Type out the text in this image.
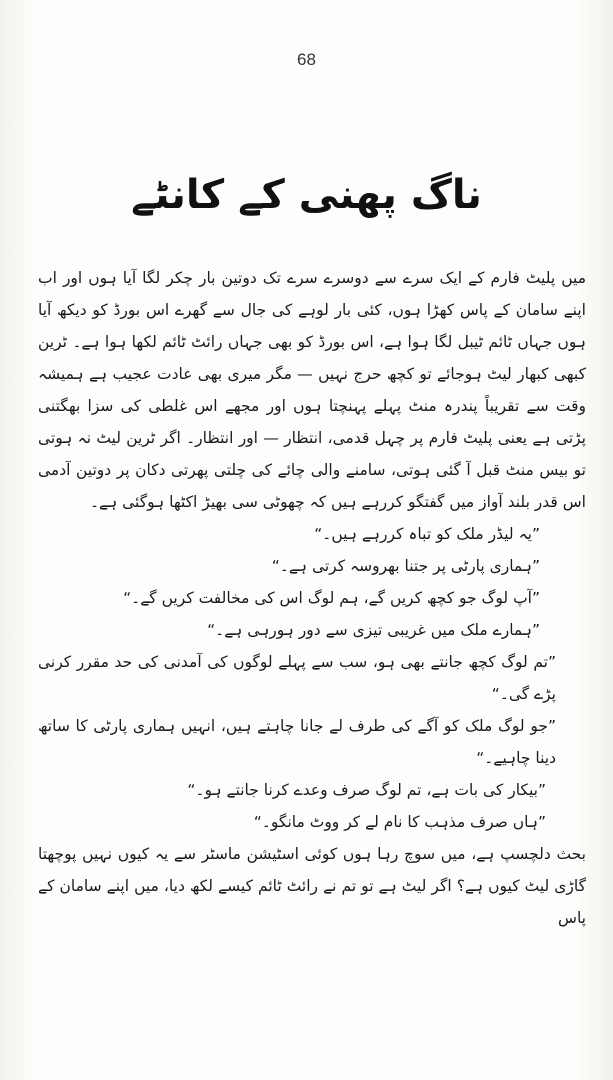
68
ناگ پھنی کے کانٹے

میں پلیٹ فارم کے ایک سرے سے دوسرے سرے تک دوتین بار چکر لگا آیا ہوں اور اب اپنے سامان کے پاس کھڑا ہوں، کئی بار لوہے کی جال سے گھرے اس بورڈ کو دیکھ آیا ہوں جہاں ٹائم ٹیبل لگا ہوا ہے، اس بورڈ کو بھی جہاں رائٹ ٹائم لکھا ہوا ہے۔ ٹرین کبھی کبھار لیٹ ہوجائے تو کچھ حرج نہیں — مگر میری بھی عادت عجیب ہے ہمیشہ وقت سے تقریباً پندرہ منٹ پہلے پہنچتا ہوں اور مجھے اس غلطی کی سزا بھگتنی پڑتی ہے یعنی پلیٹ فارم پر چہل قدمی، انتظار — اور انتظار۔ اگر ٹرین لیٹ نہ ہوتی تو بیس منٹ قبل آ گئی ہوتی، سامنے والی چائے کی چلتی پھرتی دکان پر دوتین آدمی اس قدر بلند آواز میں گفتگو کررہے ہیں کہ چھوٹی سی بھیڑ اکٹھا ہوگئی ہے۔

”یہ لیڈر ملک کو تباہ کررہے ہیں۔“

”ہماری پارٹی پر جتنا بھروسہ کرتی ہے۔“

”آپ لوگ جو کچھ کریں گے، ہم لوگ اس کی مخالفت کریں گے۔“

”ہمارے ملک میں غریبی تیزی سے دور ہورہی ہے۔“

”تم لوگ کچھ جانتے بھی ہو، سب سے پہلے لوگوں کی آمدنی کی حد مقرر کرنی پڑے گی۔“

”جو لوگ ملک کو آگے کی طرف لے جانا چاہتے ہیں، انہیں ہماری پارٹی کا ساتھ دینا چاہیے۔“

”بیکار کی بات ہے، تم لوگ صرف وعدے کرنا جانتے ہو۔“

”ہاں صرف مذہب کا نام لے کر ووٹ مانگو۔“

بحث دلچسپ ہے، میں سوچ رہا ہوں کوئی اسٹیشن ماسٹر سے یہ کیوں نہیں پوچھتا گاڑی لیٹ کیوں ہے؟ اگر لیٹ ہے تو تم نے رائٹ ٹائم کیسے لکھ دیا، میں اپنے سامان کے پاس
